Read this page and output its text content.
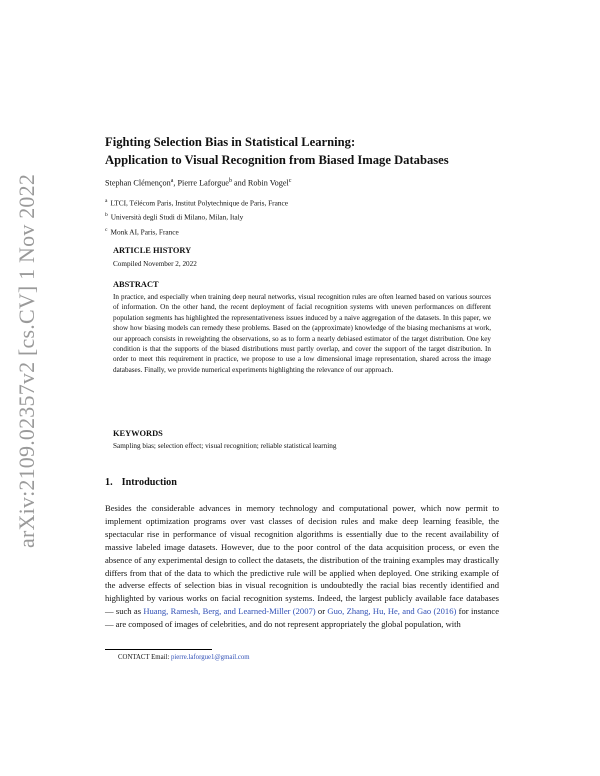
arXiv:2109.02357v2 [cs.CV] 1 Nov 2022
Fighting Selection Bias in Statistical Learning:
Application to Visual Recognition from Biased Image Databases
Stephan Clémençon$^a$, Pierre Laforgue$^b$ and Robin Vogel$^c$
$^a$ LTCI, Télécom Paris, Institut Polytechnique de Paris, France
$^b$ Università degli Studi di Milano, Milan, Italy
$^c$ Monk AI, Paris, France
ARTICLE HISTORY
Compiled November 2, 2022
ABSTRACT
In practice, and especially when training deep neural networks, visual recognition rules are often learned based on various sources of information. On the other hand, the recent deployment of facial recognition systems with uneven performances on different population segments has highlighted the representativeness issues induced by a naive aggregation of the datasets. In this paper, we show how biasing models can remedy these problems. Based on the (approximate) knowledge of the biasing mechanisms at work, our approach consists in reweighting the observations, so as to form a nearly debiased estimator of the target distribution. One key condition is that the supports of the biased distributions must partly overlap, and cover the support of the target distribution. In order to meet this requirement in practice, we propose to use a low dimensional image representation, shared across the image databases. Finally, we provide numerical experiments highlighting the relevance of our approach.
KEYWORDS
Sampling bias; selection effect; visual recognition; reliable statistical learning
1. Introduction
Besides the considerable advances in memory technology and computational power, which now permit to implement optimization programs over vast classes of decision rules and make deep learning feasible, the spectacular rise in performance of visual recognition algorithms is essentially due to the recent availability of massive labeled image datasets. However, due to the poor control of the data acquisition process, or even the absence of any experimental design to collect the datasets, the distribution of the training examples may drastically differs from that of the data to which the predictive rule will be applied when deployed. One striking example of the adverse effects of selection bias in visual recognition is undoubtedly the racial bias recently identified and highlighted by various works on facial recognition systems. Indeed, the largest publicly available face databases — such as Huang, Ramesh, Berg, and Learned-Miller (2007) or Guo, Zhang, Hu, He, and Gao (2016) for instance — are composed of images of celebrities, and do not represent appropriately the global population, with
CONTACT Email: pierre.laforgue1@gmail.com
